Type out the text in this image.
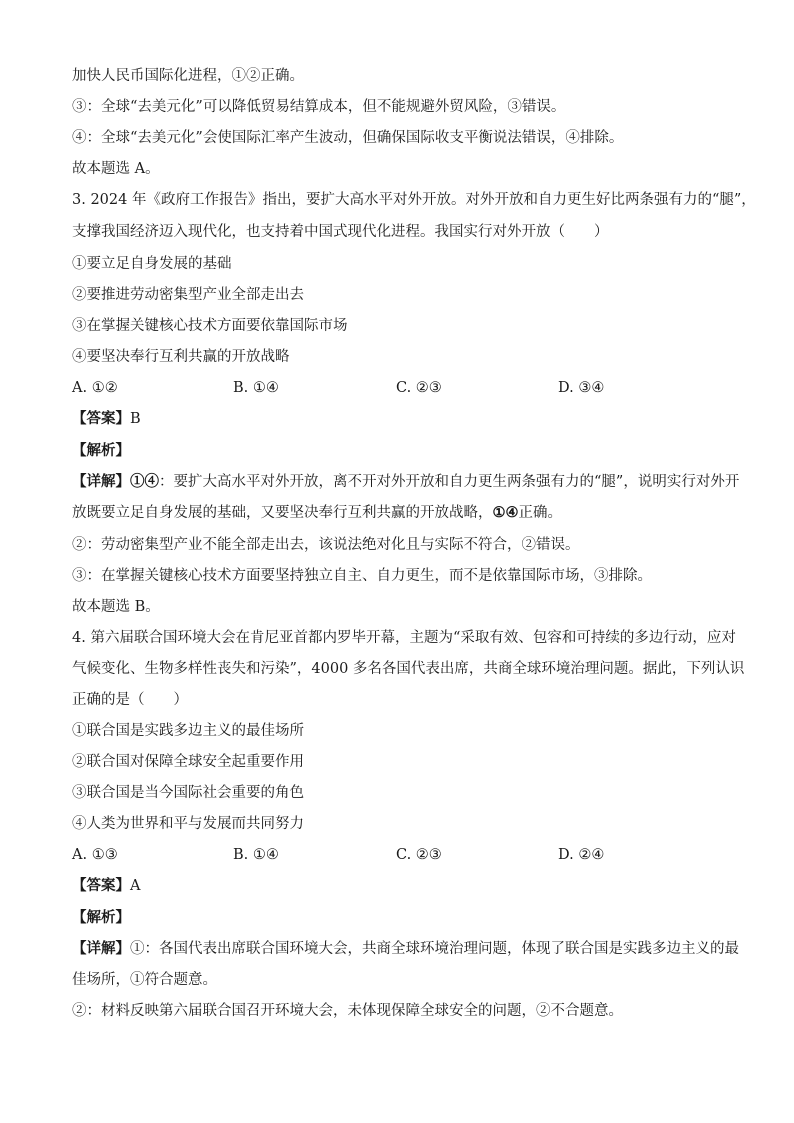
加快人民币国际化进程，①②正确。
③：全球“去美元化”可以降低贸易结算成本，但不能规避外贸风险，③错误。
④：全球“去美元化”会使国际汇率产生波动，但确保国际收支平衡说法错误，④排除。
故本题选 A。
3. 2024 年《政府工作报告》指出，要扩大高水平对外开放。对外开放和自力更生好比两条强有力的“腿”，
支撑我国经济迈入现代化，也支持着中国式现代化进程。我国实行对外开放（　　）
①要立足自身发展的基础
②要推进劳动密集型产业全部走出去
③在掌握关键核心技术方面要依靠国际市场
④要坚决奉行互利共赢的开放战略
A. ①②	B. ①④	C. ②③	D. ③④
【答案】B
【解析】
【详解】①④：要扩大高水平对外开放，离不开对外开放和自力更生两条强有力的“腿”，说明实行对外开
放既要立足自身发展的基础，又要坚决奉行互利共赢的开放战略，①④正确。
②：劳动密集型产业不能全部走出去，该说法绝对化且与实际不符合，②错误。
③：在掌握关键核心技术方面要坚持独立自主、自力更生，而不是依靠国际市场，③排除。
故本题选 B。
4. 第六届联合国环境大会在肯尼亚首都内罗毕开幕，主题为“采取有效、包容和可持续的多边行动，应对
气候变化、生物多样性丧失和污染”，4000 多名各国代表出席，共商全球环境治理问题。据此，下列认识
正确的是（　　）
①联合国是实践多边主义的最佳场所
②联合国对保障全球安全起重要作用
③联合国是当今国际社会重要的角色
④人类为世界和平与发展而共同努力
A. ①③	B. ①④	C. ②③	D. ②④
【答案】A
【解析】
【详解】①：各国代表出席联合国环境大会，共商全球环境治理问题，体现了联合国是实践多边主义的最
佳场所，①符合题意。
②：材料反映第六届联合国召开环境大会，未体现保障全球安全的问题，②不合题意。
